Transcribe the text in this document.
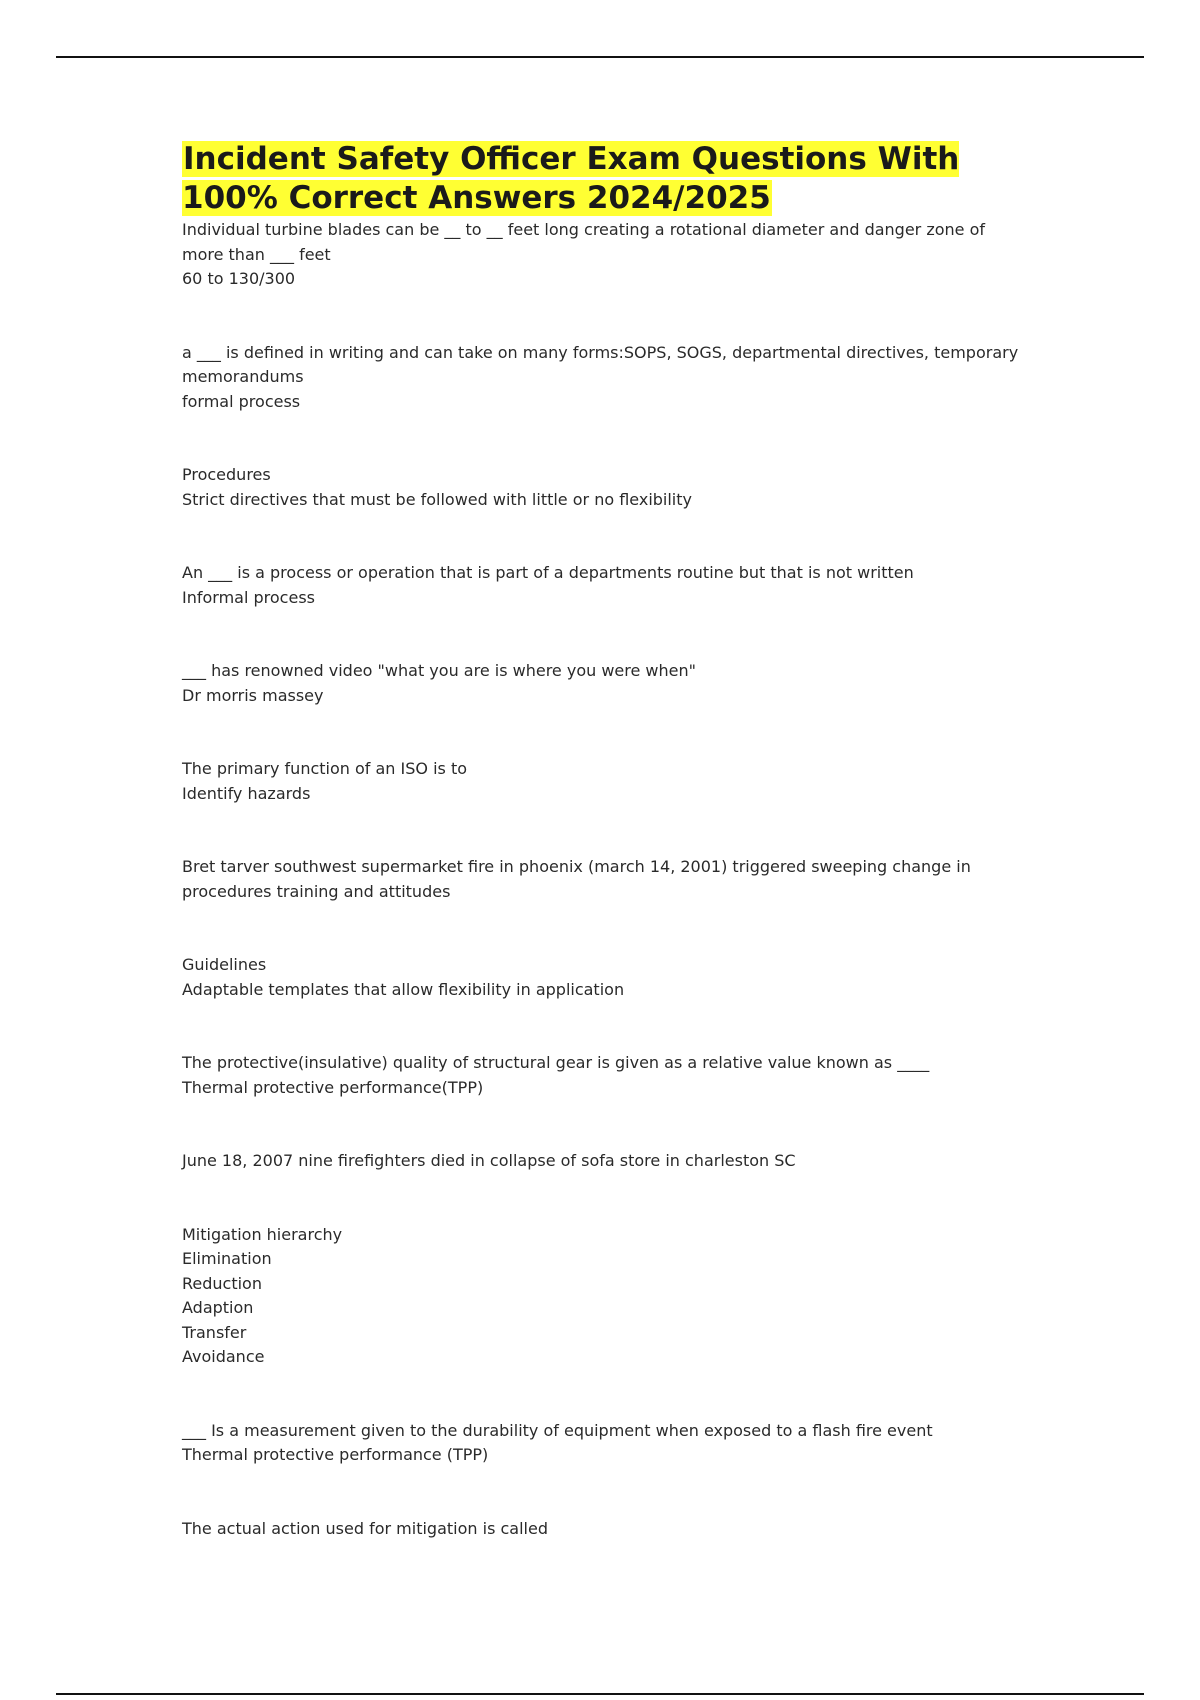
Incident Safety Officer Exam Questions With 100% Correct Answers 2024/2025

Individual turbine blades can be __ to __ feet long creating a rotational diameter and danger zone of more than ___ feet
60 to 130/300

a ___ is defined in writing and can take on many forms:SOPS, SOGS, departmental directives, temporary memorandums
formal process

Procedures
Strict directives that must be followed with little or no flexibility

An ___ is a process or operation that is part of a departments routine but that is not written
Informal process

___ has renowned video "what you are is where you were when"
Dr morris massey

The primary function of an ISO is to
Identify hazards

Bret tarver southwest supermarket fire in phoenix (march 14, 2001) triggered sweeping change in procedures training and attitudes

Guidelines
Adaptable templates that allow flexibility in application

The protective(insulative) quality of structural gear is given as a relative value known as ____
Thermal protective performance(TPP)

June 18, 2007 nine firefighters died in collapse of sofa store in charleston SC

Mitigation hierarchy
Elimination
Reduction
Adaption
Transfer
Avoidance

___ Is a measurement given to the durability of equipment when exposed to a flash fire event
Thermal protective performance (TPP)

The actual action used for mitigation is called
